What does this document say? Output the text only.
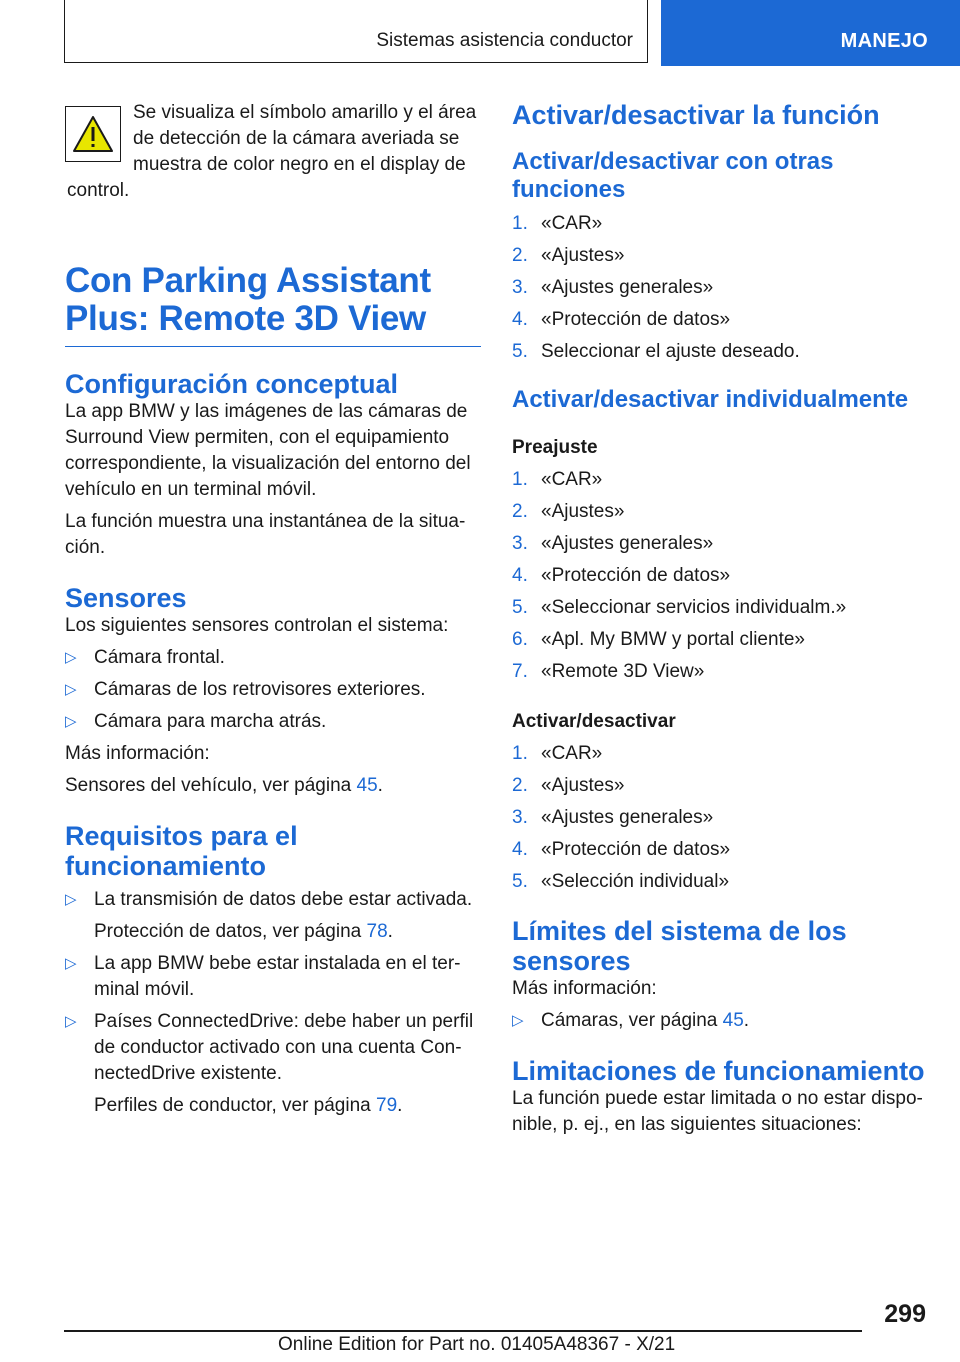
Sistemas asistencia conductor	MANEJO

Se visualiza el símbolo amarillo y el área de detección de la cámara averiada se muestra de color negro en el display de control.

Con Parking Assistant Plus: Remote 3D View
Configuración conceptual

La app BMW y las imágenes de las cámaras de Surround View permiten, con el equipamiento correspondiente, la visualización del entorno del vehículo en un terminal móvil.

La función muestra una instantánea de la situa‐ción.

Sensores

Los siguientes sensores controlan el sistema:

▷ Cámara frontal.
▷ Cámaras de los retrovisores exteriores.
▷ Cámara para marcha atrás.

Más información:

Sensores del vehículo, ver página 45.

Requisitos para el funcionamiento
▷ La transmisión de datos debe estar activada.

Protección de datos, ver página 78.

▷ La app BMW bebe estar instalada en el ter‐minal móvil.
▷ Países ConnectedDrive: debe haber un perfil de conductor activado con una cuenta Con‐nectedDrive existente.

Perfiles de conductor, ver página 79.

Activar/desactivar la función
Activar/desactivar con otras funciones
1. «CAR»
2. «Ajustes»
3. «Ajustes generales»
4. «Protección de datos»
5. Seleccionar el ajuste deseado.
Activar/desactivar individualmente
Preajuste
1. «CAR»
2. «Ajustes»
3. «Ajustes generales»
4. «Protección de datos»
5. «Seleccionar servicios individualm.»
6. «Apl. My BMW y portal cliente»
7. «Remote 3D View»
Activar/desactivar
1. «CAR»
2. «Ajustes»
3. «Ajustes generales»
4. «Protección de datos»
5. «Selección individual»
Límites del sistema de los sensores

Más información:

▷ Cámaras, ver página 45.
Limitaciones de funcionamiento

La función puede estar limitada o no estar dispo‐nible, p. ej., en las siguientes situaciones:

299
Online Edition for Part no. 01405A48367 - X/21
